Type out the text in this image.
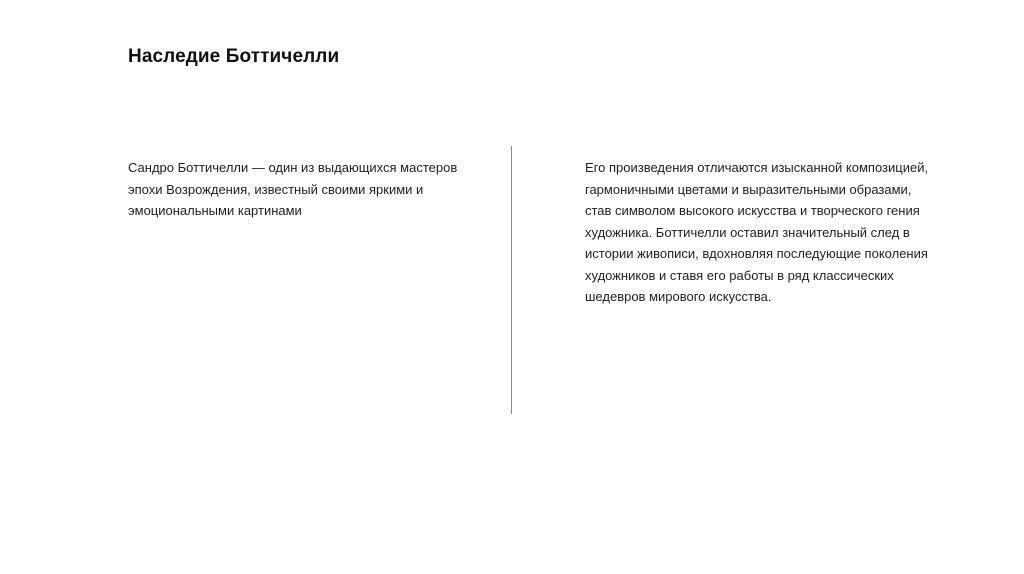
Наследие Боттичелли

Сандро Боттичелли — один из выдающихся мастеров эпохи Возрождения, известный своими яркими и эмоциональными картинами

Его произведения отличаются изысканной композицией, гармоничными цветами и выразительными образами, став символом высокого искусства и творческого гения художника. Боттичелли оставил значительный след в истории живописи, вдохновляя последующие поколения художников и ставя его работы в ряд классических шедевров мирового искусства.
